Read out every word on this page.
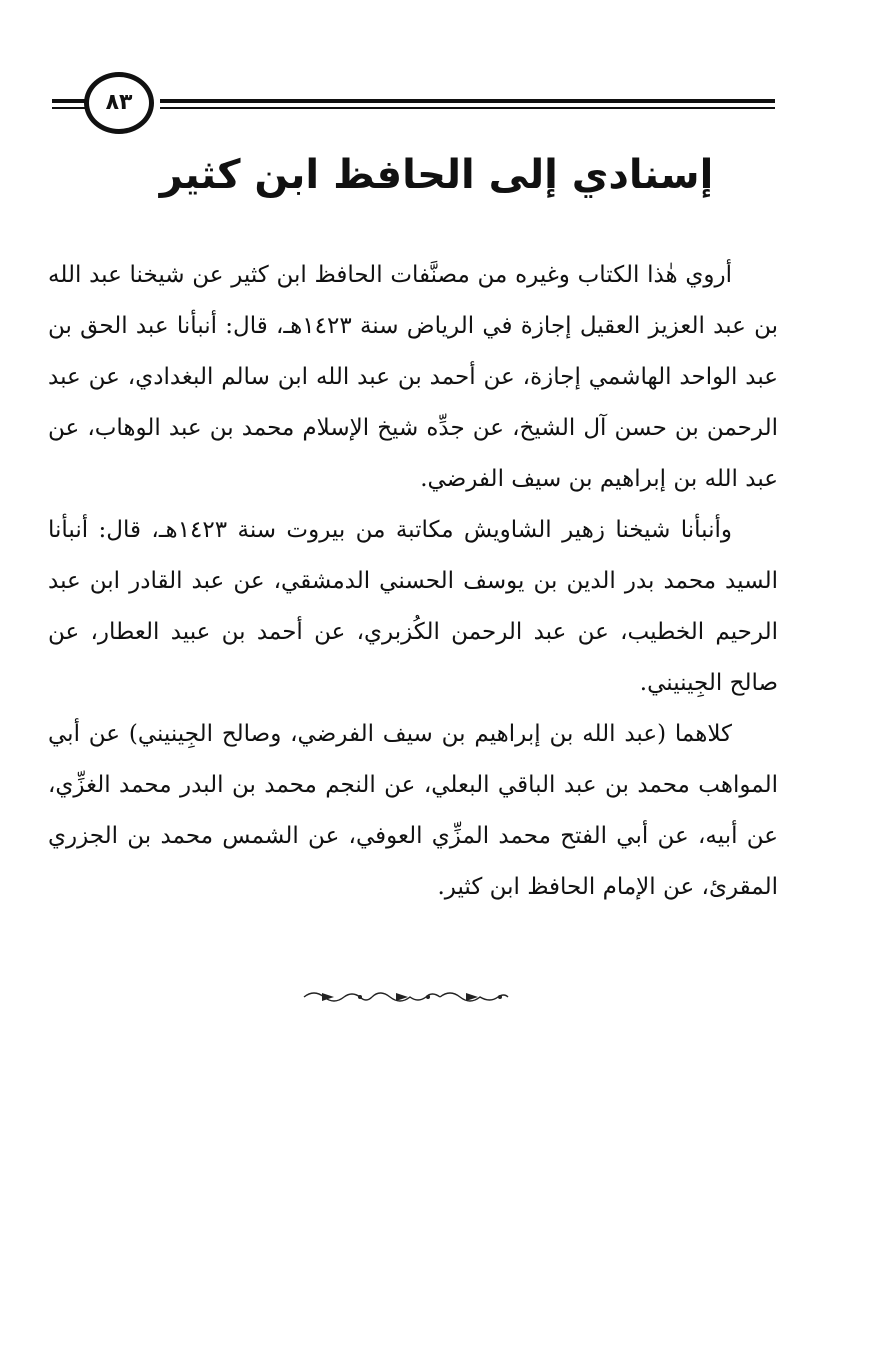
٨٣
إسنادي إلى الحافظ ابن كثير

أروي هٰذا الكتاب وغيره من مصنَّفات الحافظ ابن كثير عن شيخنا عبد الله بن عبد العزيز العقيل إجازة في الرياض سنة ١٤٢٣هـ، قال: أنبأنا عبد الحق بن عبد الواحد الهاشمي إجازة، عن أحمد بن عبد الله ابن سالم البغدادي، عن عبد الرحمن بن حسن آل الشيخ، عن جدِّه شيخ الإسلام محمد بن عبد الوهاب، عن عبد الله بن إبراهيم بن سيف الفرضي.

وأنبأنا شيخنا زهير الشاويش مكاتبة من بيروت سنة ١٤٢٣هـ، قال: أنبأنا السيد محمد بدر الدين بن يوسف الحسني الدمشقي، عن عبد القادر ابن عبد الرحيم الخطيب، عن عبد الرحمن الكُزبري، عن أحمد بن عبيد العطار، عن صالح الجِينيني.

كلاهما (عبد الله بن إبراهيم بن سيف الفرضي، وصالح الجِينيني) عن أبي المواهب محمد بن عبد الباقي البعلي، عن النجم محمد بن البدر محمد الغزِّي، عن أبيه، عن أبي الفتح محمد المزِّي العوفي، عن الشمس محمد بن الجزري المقرئ، عن الإمام الحافظ ابن كثير.
